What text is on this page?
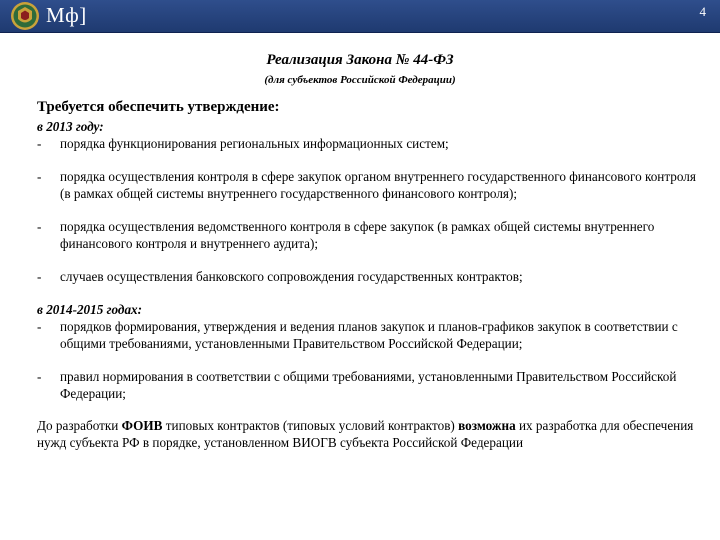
Мф]	4
Реализация Закона № 44-ФЗ
(для субъектов Российской Федерации)
Требуется обеспечить утверждение:
в 2013 году:
- порядка функционирования региональных информационных систем;
- порядка осуществления контроля в сфере закупок органом внутреннего государственного финансового контроля (в рамках общей системы внутреннего государственного финансового контроля);
- порядка осуществления ведомственного контроля в сфере закупок (в рамках общей системы внутреннего финансового контроля и внутреннего аудита);
- случаев осуществления банковского сопровождения государственных контрактов;
в 2014-2015 годах:
- порядков формирования, утверждения и ведения планов закупок и планов-графиков закупок в соответствии с общими требованиями, установленными Правительством Российской Федерации;
- правил нормирования в соответствии с общими требованиями, установленными Правительством Российской Федерации;
До разработки ФОИВ типовых контрактов (типовых условий контрактов) возможна их разработка для обеспечения нужд субъекта РФ в порядке, установленном ВИОГВ субъекта Российской Федерации
